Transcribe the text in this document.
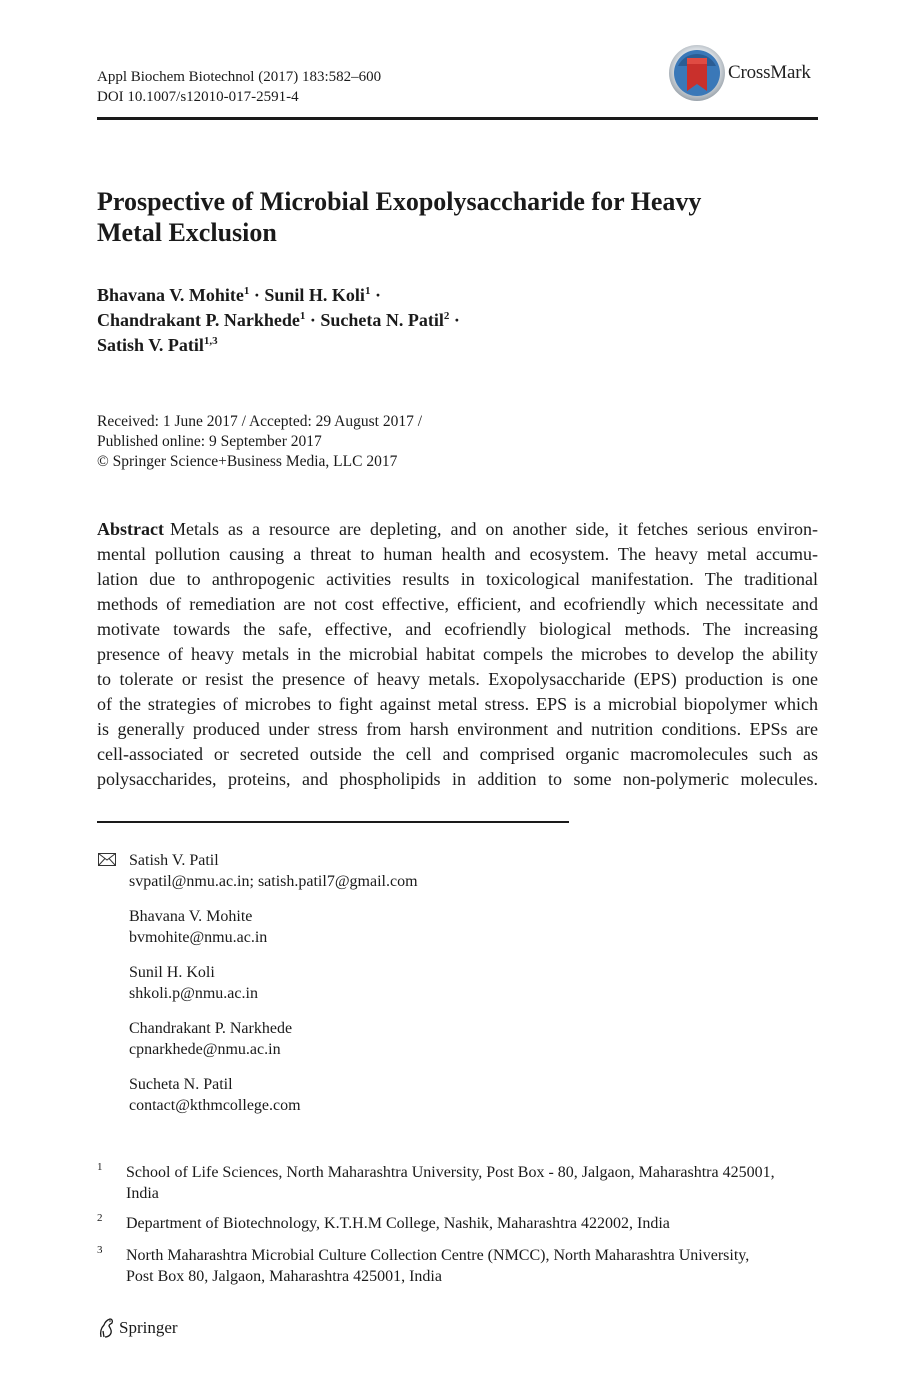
Appl Biochem Biotechnol (2017) 183:582–600
DOI 10.1007/s12010-017-2591-4
CrossMark
Prospective of Microbial Exopolysaccharide for Heavy
Metal Exclusion
Bhavana V. Mohite$^1$ · Sunil H. Koli$^1$ ·
Chandrakant P. Narkhede$^1$ · Sucheta N. Patil$^2$ ·
Satish V. Patil$^{1,3}$
Received: 1 June 2017 / Accepted: 29 August 2017 /
Published online: 9 September 2017
© Springer Science+Business Media, LLC 2017
Abstract Metals as a resource are depleting, and on another side, it fetches serious environ-
mental pollution causing a threat to human health and ecosystem. The heavy metal accumu-
lation due to anthropogenic activities results in toxicological manifestation. The traditional
methods of remediation are not cost effective, efficient, and ecofriendly which necessitate and
motivate towards the safe, effective, and ecofriendly biological methods. The increasing
presence of heavy metals in the microbial habitat compels the microbes to develop the ability
to tolerate or resist the presence of heavy metals. Exopolysaccharide (EPS) production is one
of the strategies of microbes to fight against metal stress. EPS is a microbial biopolymer which
is generally produced under stress from harsh environment and nutrition conditions. EPSs are
cell-associated or secreted outside the cell and comprised organic macromolecules such as
polysaccharides, proteins, and phospholipids in addition to some non-polymeric molecules.
Satish V. Patil
svpatil@nmu.ac.in; satish.patil7@gmail.com
Bhavana V. Mohite
bvmohite@nmu.ac.in
Sunil H. Koli
shkoli.p@nmu.ac.in
Chandrakant P. Narkhede
cpnarkhede@nmu.ac.in
Sucheta N. Patil
contact@kthmcollege.com
1 School of Life Sciences, North Maharashtra University, Post Box - 80, Jalgaon, Maharashtra 425001,
India
2 Department of Biotechnology, K.T.H.M College, Nashik, Maharashtra 422002, India
3 North Maharashtra Microbial Culture Collection Centre (NMCC), North Maharashtra University,
Post Box 80, Jalgaon, Maharashtra 425001, India
Springer
